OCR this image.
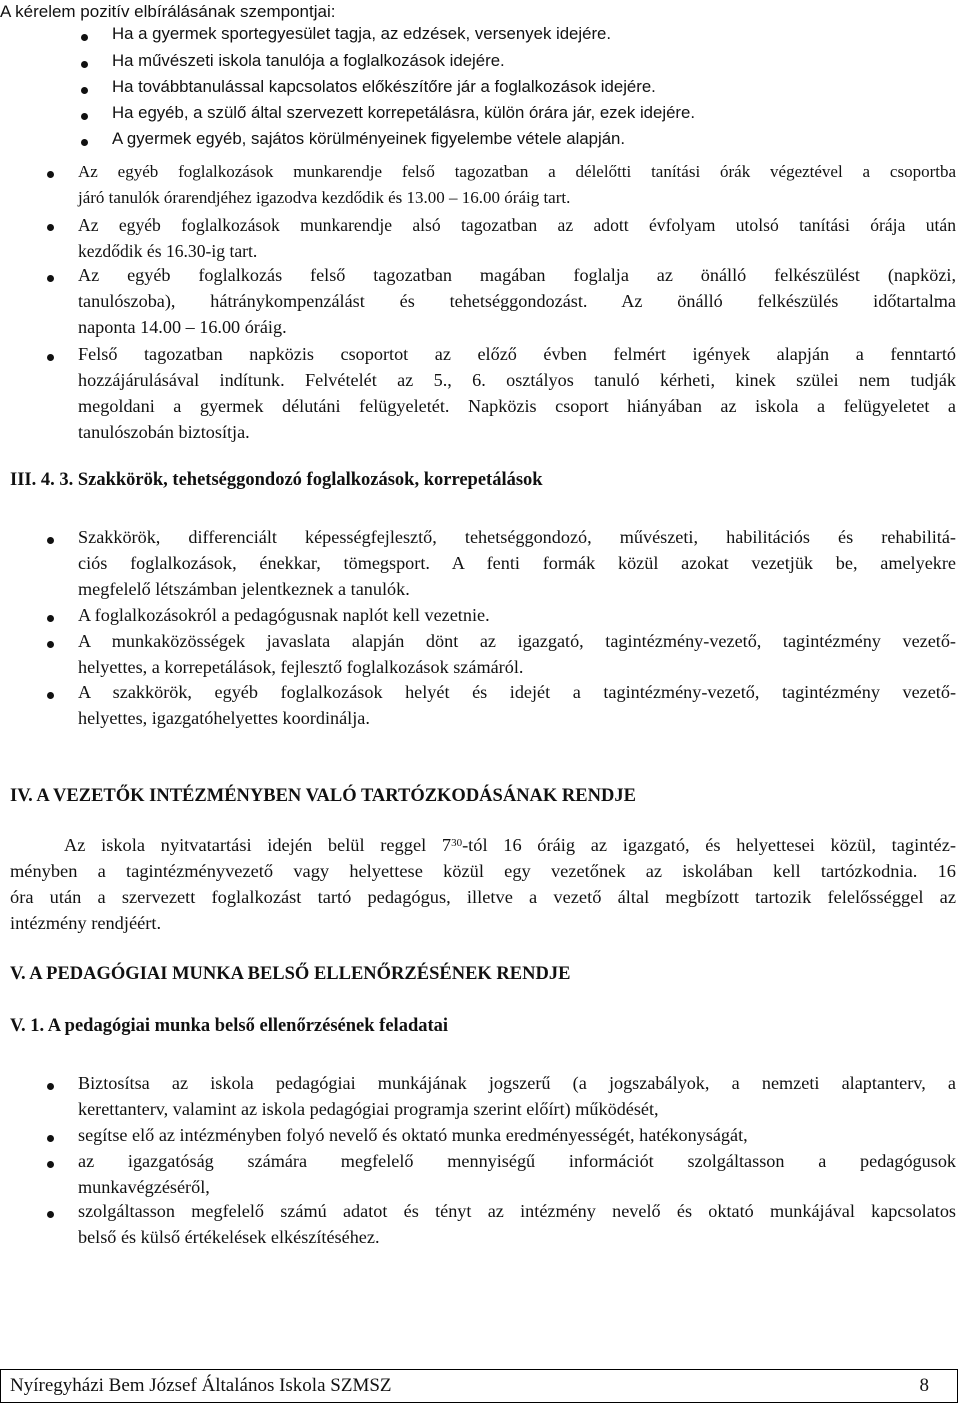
A kérelem pozitív elbírálásának szempontjai:
Ha a gyermek sportegyesület tagja, az edzések, versenyek idejére.
Ha művészeti iskola tanulója a foglalkozások idejére.
Ha továbbtanulással kapcsolatos előkészítőre jár a foglalkozások idejére.
Ha egyéb, a szülő által szervezett korrepetálásra, külön órára jár, ezek idejére.
A gyermek egyéb, sajátos körülményeinek figyelembe vétele alapján.
Az egyéb foglalkozások munkarendje felső tagozatban a délelőtti tanítási órák végeztével a csoportba
járó tanulók órarendjéhez igazodva kezdődik és 13.00 – 16.00 óráig tart.
Az egyéb foglalkozások munkarendje alsó tagozatban az adott évfolyam utolsó tanítási órája után
kezdődik és 16.30-ig tart.
Az egyéb foglalkozás felső tagozatban magában foglalja az önálló felkészülést (napközi,
tanulószoba), hátránykompenzálást és tehetséggondozást. Az önálló felkészülés időtartalma
naponta 14.00 – 16.00 óráig.
Felső tagozatban napközis csoportot az előző évben felmért igények alapján a fenntartó
hozzájárulásával indítunk. Felvételét az 5., 6. osztályos tanuló kérheti, kinek szülei nem tudják
megoldani a gyermek délutáni felügyeletét. Napközis csoport hiányában az iskola a felügyeletet a
tanulószobán biztosítja.
III. 4. 3. Szakkörök, tehetséggondozó foglalkozások, korrepetálások
Szakkörök, differenciált képességfejlesztő, tehetséggondozó, művészeti, habilitációs és rehabilitá-
ciós foglalkozások, énekkar, tömegsport. A fenti formák közül azokat vezetjük be, amelyekre
megfelelő létszámban jelentkeznek a tanulók.
A foglalkozásokról a pedagógusnak naplót kell vezetnie.
A munkaközösségek javaslata alapján dönt az igazgató, tagintézmény-vezető, tagintézmény vezető-
helyettes, a korrepetálások, fejlesztő foglalkozások számáról.
A szakkörök, egyéb foglalkozások helyét és idejét a tagintézmény-vezető, tagintézmény vezető-
helyettes, igazgatóhelyettes koordinálja.
IV. A VEZETŐK INTÉZMÉNYBEN VALÓ TARTÓZKODÁSÁNAK RENDJE
Az iskola nyitvatartási idején belül reggel $7^{30}$-tól 16 óráig az igazgató, és helyettesei közül, tagintéz-
ményben a tagintézményvezető vagy helyettese közül egy vezetőnek az iskolában kell tartózkodnia. 16
óra után a szervezett foglalkozást tartó pedagógus, illetve a vezető által megbízott tartozik felelősséggel az
intézmény rendjéért.
V. A PEDAGÓGIAI MUNKA BELSŐ ELLENŐRZÉSÉNEK RENDJE
V. 1. A pedagógiai munka belső ellenőrzésének feladatai
Biztosítsa az iskola pedagógiai munkájának jogszerű (a jogszabályok, a nemzeti alaptanterv, a
kerettanterv, valamint az iskola pedagógiai programja szerint előírt) működését,
segítse elő az intézményben folyó nevelő és oktató munka eredményességét, hatékonyságát,
az igazgatóság számára megfelelő mennyiségű információt szolgáltasson a pedagógusok
munkavégzéséről,
szolgáltasson megfelelő számú adatot és tényt az intézmény nevelő és oktató munkájával kapcsolatos
belső és külső értékelések elkészítéséhez.
Nyíregyházi Bem József Általános Iskola SZMSZ	8
